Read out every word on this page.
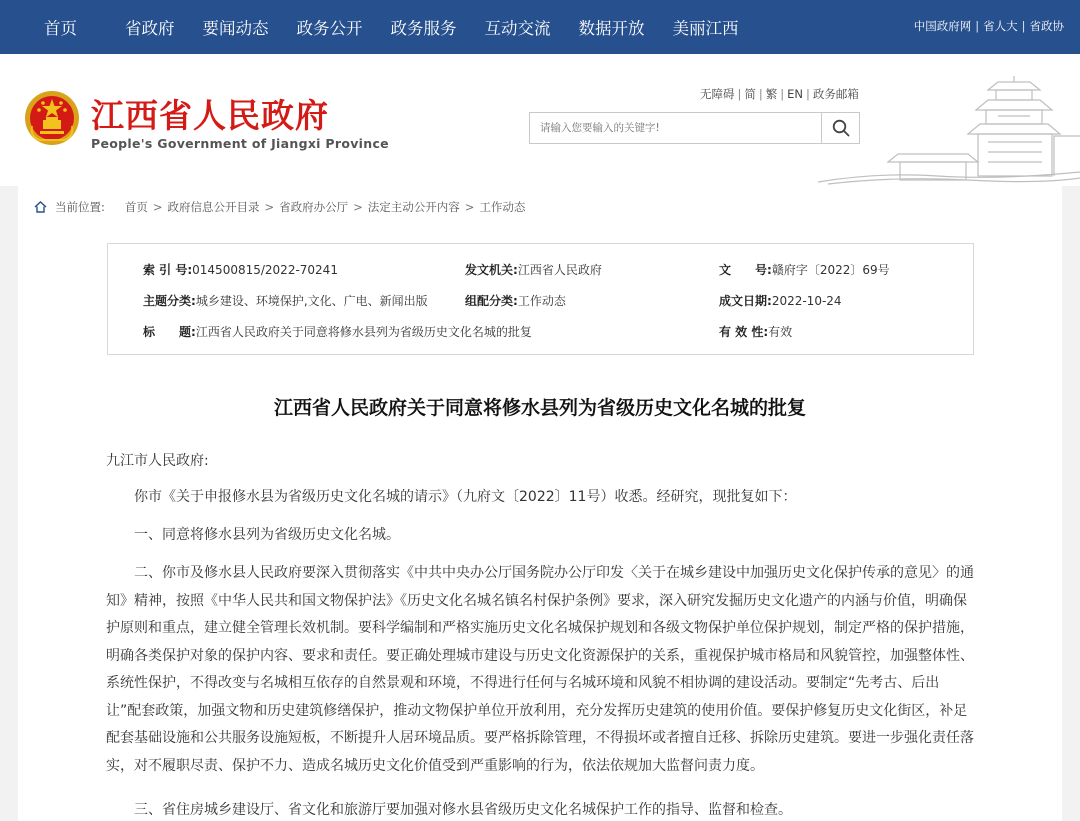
首页	省政府 要闻动态 政务公开 政务服务 互动交流 数据开放 美丽江西	中国政府网 | 省人大 | 省政协
江西省人民政府
People's Government of Jiangxi Province
无障碍 | 简 | 繁 | EN | 政务邮箱
请输入您要输入的关键字!
当前位置: 首页 > 政府信息公开目录 > 省政府办公厅 > 法定主动公开内容 > 工作动态
索 引 号:014500815/2022-70241	发文机关:江西省人民政府	文　　号:赣府字〔2022〕69号
主题分类:城乡建设、环境保护,文化、广电、新闻出版	组配分类:工作动态	成文日期:2022-10-24
标　　题:江西省人民政府关于同意将修水县列为省级历史文化名城的批复	有 效 性:有效
江西省人民政府关于同意将修水县列为省级历史文化名城的批复
九江市人民政府:
你市《关于申报修水县为省级历史文化名城的请示》（九府文〔2022〕11号）收悉。经研究，现批复如下：
一、同意将修水县列为省级历史文化名城。
二、你市及修水县人民政府要深入贯彻落实《中共中央办公厅国务院办公厅印发〈关于在城乡建设中加强历史文化保护传承的意见〉的通知》精神，按照《中华人民共和国文物保护法》《历史文化名城名镇名村保护条例》要求，深入研究发掘历史文化遗产的内涵与价值，明确保护原则和重点，建立健全管理长效机制。要科学编制和严格实施历史文化名城保护规划和各级文物保护单位保护规划，制定严格的保护措施，明确各类保护对象的保护内容、要求和责任。要正确处理城市建设与历史文化资源保护的关系，重视保护城市格局和风貌管控，加强整体性、系统性保护，不得改变与名城相互依存的自然景观和环境，不得进行任何与名城环境和风貌不相协调的建设活动。要制定“先考古、后出让”配套政策，加强文物和历史建筑修缮保护，推动文物保护单位开放利用，充分发挥历史建筑的使用价值。要保护修复历史文化街区，补足配套基础设施和公共服务设施短板，不断提升人居环境品质。要严格拆除管理，不得损坏或者擅自迁移、拆除历史建筑。要进一步强化责任落实，对不履职尽责、保护不力、造成名城历史文化价值受到严重影响的行为，依法依规加大监督问责力度。
三、省住房城乡建设厅、省文化和旅游厅要加强对修水县省级历史文化名城保护工作的指导、监督和检查。
